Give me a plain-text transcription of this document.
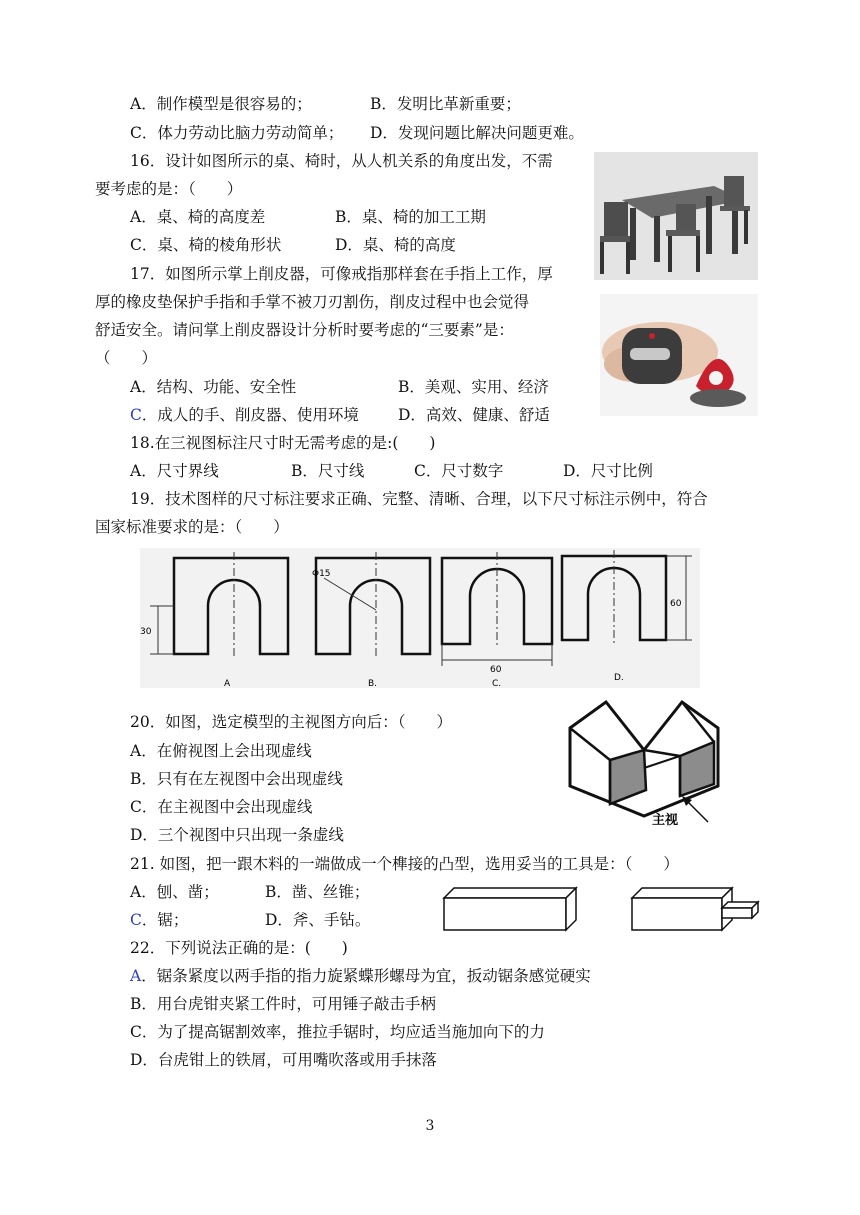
A．制作模型是很容易的；	B．发明比革新重要；
C．体力劳动比脑力劳动简单； D．发现问题比解决问题更难。
16．设计如图所示的桌、椅时，从人机关系的角度出发，不需
要考虑的是：（　　）
A．桌、椅的高度差	B．桌、椅的加工工期
C．桌、椅的棱角形状	D．桌、椅的高度
17．如图所示掌上削皮器，可像戒指那样套在手指上工作，厚
厚的橡皮垫保护手指和手掌不被刀刃割伤，削皮过程中也会觉得
舒适安全。请问掌上削皮器设计分析时要考虑的“三要素”是：
（　　）
A．结构、功能、安全性	B．美观、实用、经济
C．成人的手、削皮器、使用环境	D．高效、健康、舒适
18.在三视图标注尺寸时无需考虑的是:(　　)
A．尺寸界线	B．尺寸线	C．尺寸数字	D．尺寸比例
19．技术图样的尺寸标注要求正确、完整、清晰、合理，以下尺寸标注示例中，符合
国家标准要求的是：（　　）
30
A
Φ15
B.
60
C.
60
D.
20．如图，选定模型的主视图方向后：（　　）
A．在俯视图上会出现虚线
B．只有在左视图中会出现虚线
C．在主视图中会出现虚线
D．三个视图中只出现一条虚线
主视
21. 如图，把一跟木料的一端做成一个榫接的凸型，选用妥当的工具是：（　　）
A．刨、凿；	B．凿、丝锥；
C．锯；	D．斧、手钻。
22．下列说法正确的是：(　　)
A．锯条紧度以两手指的指力旋紧蝶形螺母为宜，扳动锯条感觉硬实
B．用台虎钳夹紧工件时，可用锤子敲击手柄
C．为了提高锯割效率，推拉手锯时，均应适当施加向下的力
D．台虎钳上的铁屑，可用嘴吹落或用手抹落
3
